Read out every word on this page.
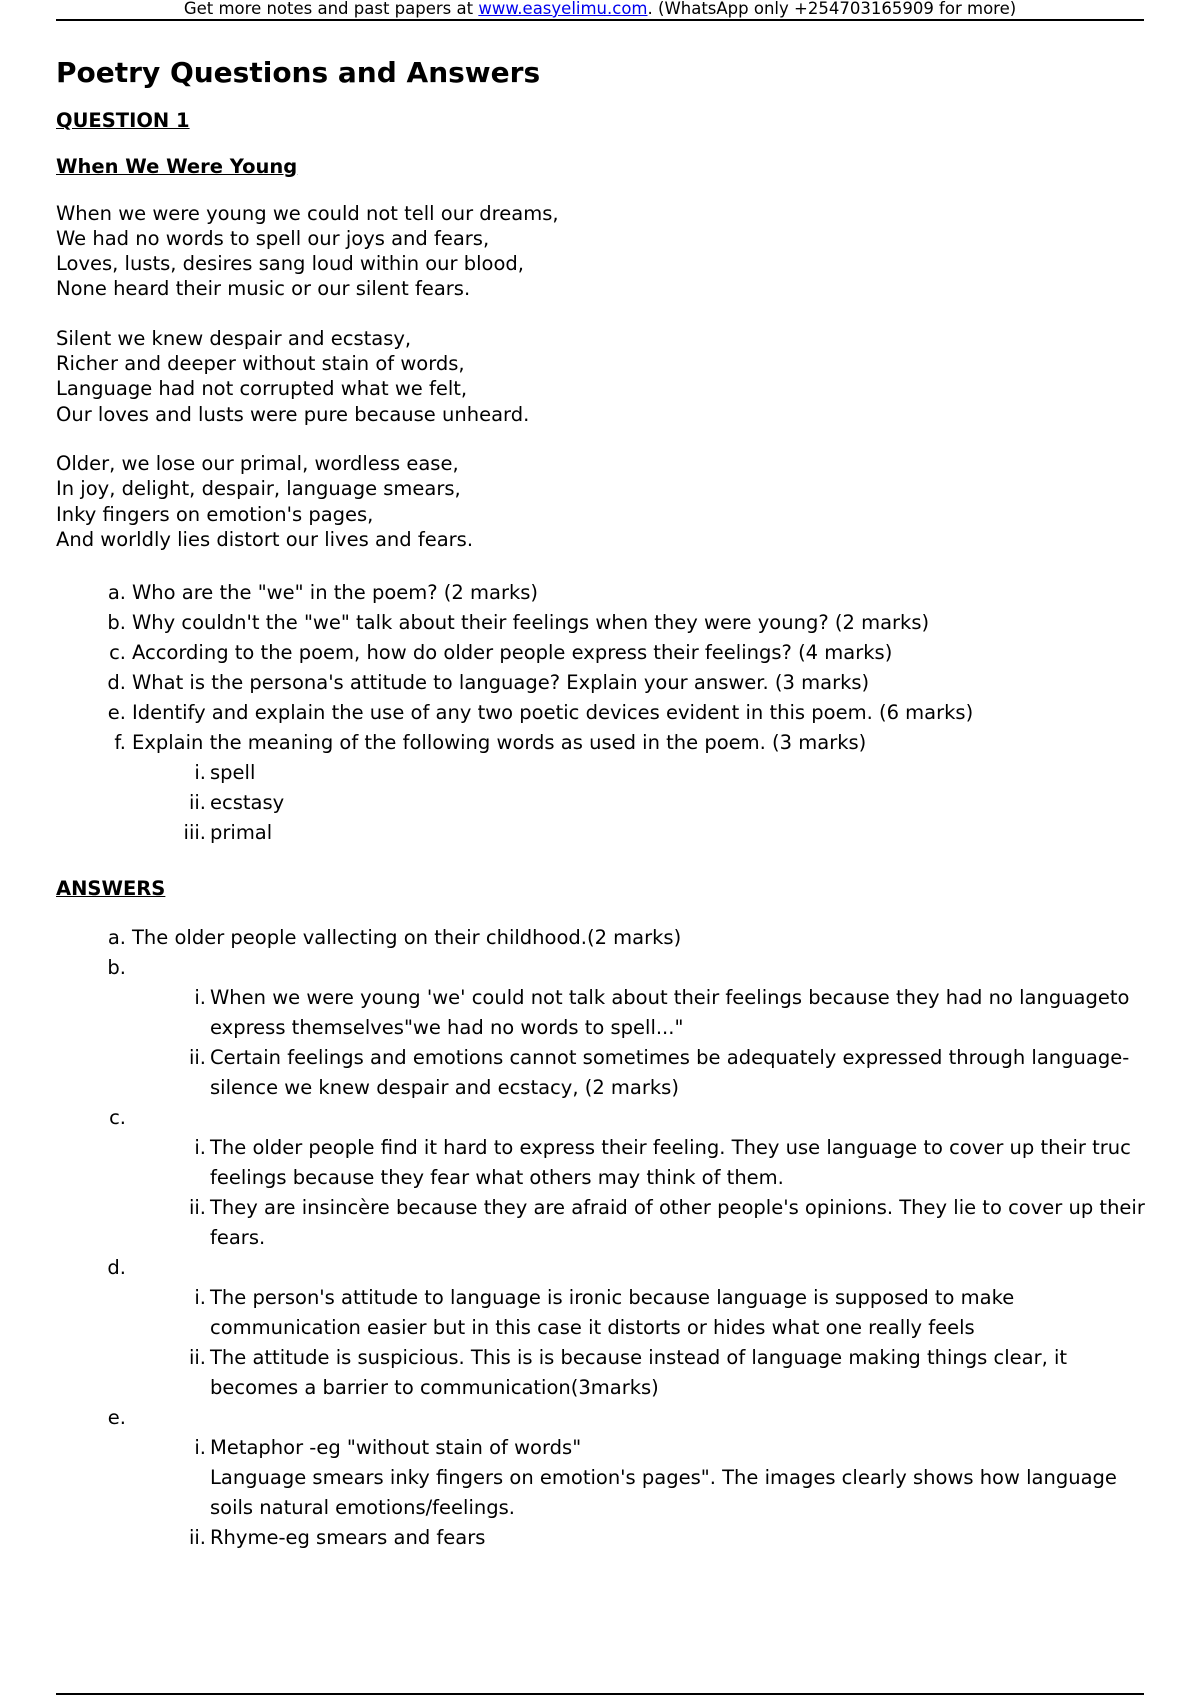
Get more notes and past papers at www.easyelimu.com. (WhatsApp only +254703165909 for more)
Poetry Questions and Answers
QUESTION 1
When We Were Young
When we were young we could not tell our dreams,
We had no words to spell our joys and fears,
Loves, lusts, desires sang loud within our blood,
None heard their music or our silent fears.
Silent we knew despair and ecstasy,
Richer and deeper without stain of words,
Language had not corrupted what we felt,
Our loves and lusts were pure because unheard.
Older, we lose our primal, wordless ease,
In joy, delight, despair, language smears,
Inky fingers on emotion's pages,
And worldly lies distort our lives and fears.
a. Who are the "we" in the poem? (2 marks)
b. Why couldn't the "we" talk about their feelings when they were young? (2 marks)
c. According to the poem, how do older people express their feelings? (4 marks)
d. What is the persona's attitude to language? Explain your answer. (3 marks)
e. Identify and explain the use of any two poetic devices evident in this poem. (6 marks)
f. Explain the meaning of the following words as used in the poem. (3 marks)
i. spell
ii. ecstasy
iii. primal
ANSWERS
a. The older people vallecting on their childhood.(2 marks)
b.

i. When we were young 'we' could not talk about their feelings because they had no languageto express themselves"we had no words to spell..."
ii. Certain feelings and emotions cannot sometimes be adequately expressed through language- silence we knew despair and ecstacy, (2 marks)
c.

i. The older people find it hard to express their feeling. They use language to cover up their truc feelings because they fear what others may think of them.
ii. They are insincère because they are afraid of other people's opinions. They lie to cover up their fears.
d.

i. The person's attitude to language is ironic because language is supposed to make communication easier but in this case it distorts or hides what one really feels
ii. The attitude is suspicious. This is is because instead of language making things clear, it becomes a barrier to communication(3marks)
e.

i. Metaphor -eg "without stain of words"
Language smears inky fingers on emotion's pages". The images clearly shows how language soils natural emotions/feelings.
ii. Rhyme-eg smears and fears
